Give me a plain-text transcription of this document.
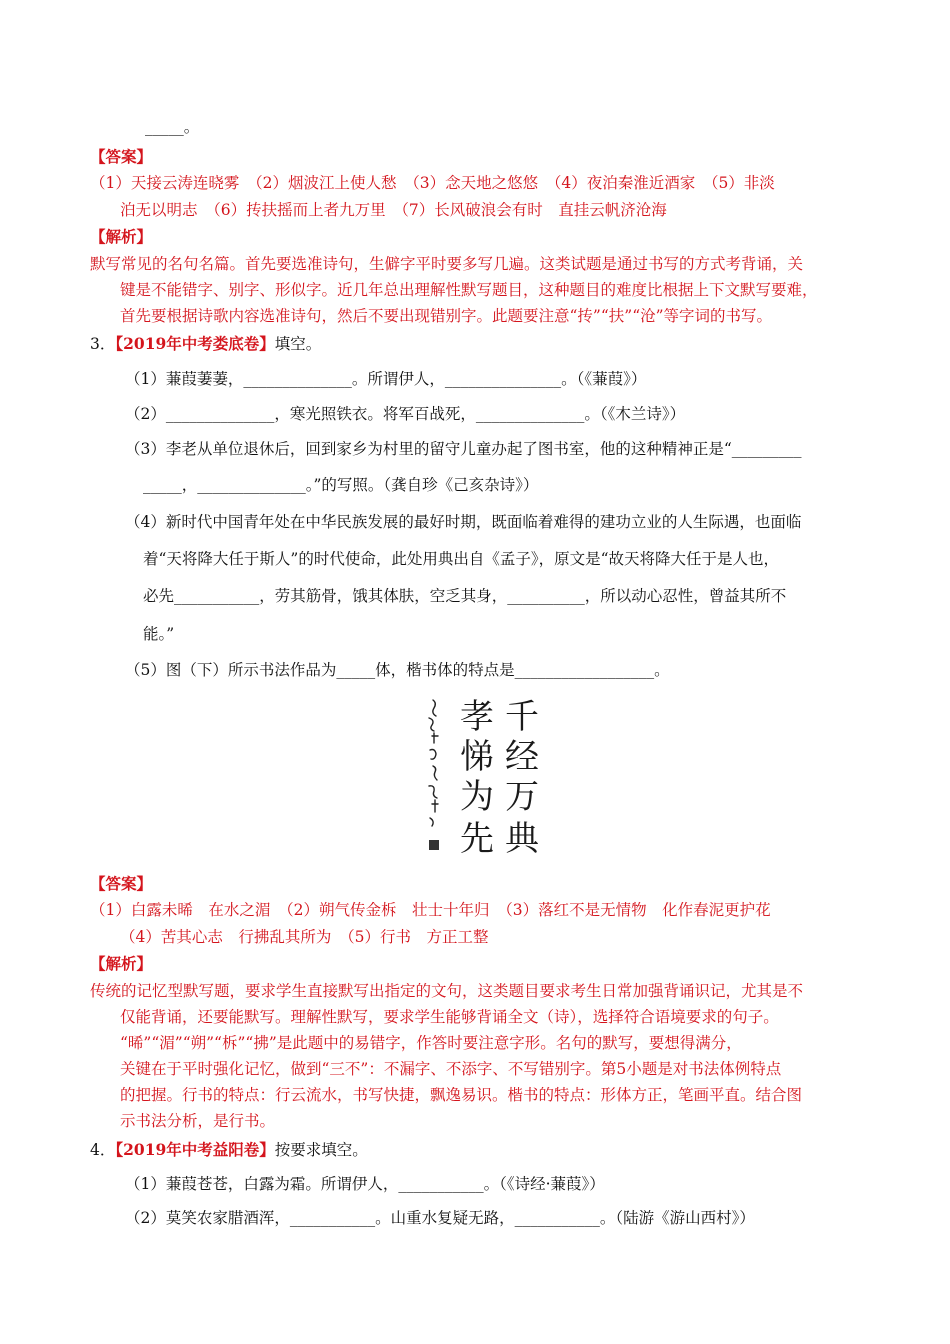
_____。
【答案】
（1）天接云涛连晓雾　（2）烟波江上使人愁　（3）念天地之悠悠　（4）夜泊秦淮近酒家　（5）非淡
泊无以明志　（6）抟扶摇而上者九万里　（7）长风破浪会有时　直挂云帆济沧海
【解析】
默写常见的名句名篇。首先要选准诗句，生僻字平时要多写几遍。这类试题是通过书写的方式考背诵，关
键是不能错字、别字、形似字。近几年总出理解性默写题目，这种题目的难度比根据上下文默写要难，
首先要根据诗歌内容选准诗句，然后不要出现错别字。此题要注意“抟”“扶”“沧”等字词的书写。
3．【2019年中考娄底卷】填空。
（1）蒹葭萋萋，______________。所谓伊人，_______________。（《蒹葭》）
（2）______________，寒光照铁衣。将军百战死，______________。（《木兰诗》）
（3）李老从单位退休后，回到家乡为村里的留守儿童办起了图书室，他的这种精神正是“_________
_____，______________。”的写照。（龚自珍《己亥杂诗》）
（4）新时代中国青年处在中华民族发展的最好时期，既面临着难得的建功立业的人生际遇，也面临
着“天将降大任于斯人”的时代使命，此处用典出自《孟子》，原文是“故天将降大任于是人也，
必先___________，劳其筋骨，饿其体肤，空乏其身，__________，所以动心忍性，曾益其所不
能。”
（5）图（下）所示书法作品为_____体，楷书体的特点是__________________。
千
经
万
典
孝
悌
为
先
【答案】
（1）白露未晞　在水之湄　（2）朔气传金柝　壮士十年归　（3）落红不是无情物　化作春泥更护花
（4）苦其心志　行拂乱其所为　（5）行书　方正工整
【解析】
传统的记忆型默写题，要求学生直接默写出指定的文句，这类题目要求考生日常加强背诵识记，尤其是不
仅能背诵，还要能默写。理解性默写，要求学生能够背诵全文（诗），选择符合语境要求的句子。
“晞”“湄”“朔”“柝”“拂”是此题中的易错字，作答时要注意字形。名句的默写，要想得满分，
关键在于平时强化记忆，做到“三不”：不漏字、不添字、不写错别字。第5小题是对书法体例特点
的把握。行书的特点：行云流水，书写快捷，飘逸易识。楷书的特点：形体方正，笔画平直。结合图
示书法分析，是行书。
4．【2019年中考益阳卷】按要求填空。
（1）蒹葭苍苍，白露为霜。所谓伊人，___________。（《诗经·蒹葭》）
（2）莫笑农家腊酒浑，___________。山重水复疑无路，___________。（陆游《游山西村》）
